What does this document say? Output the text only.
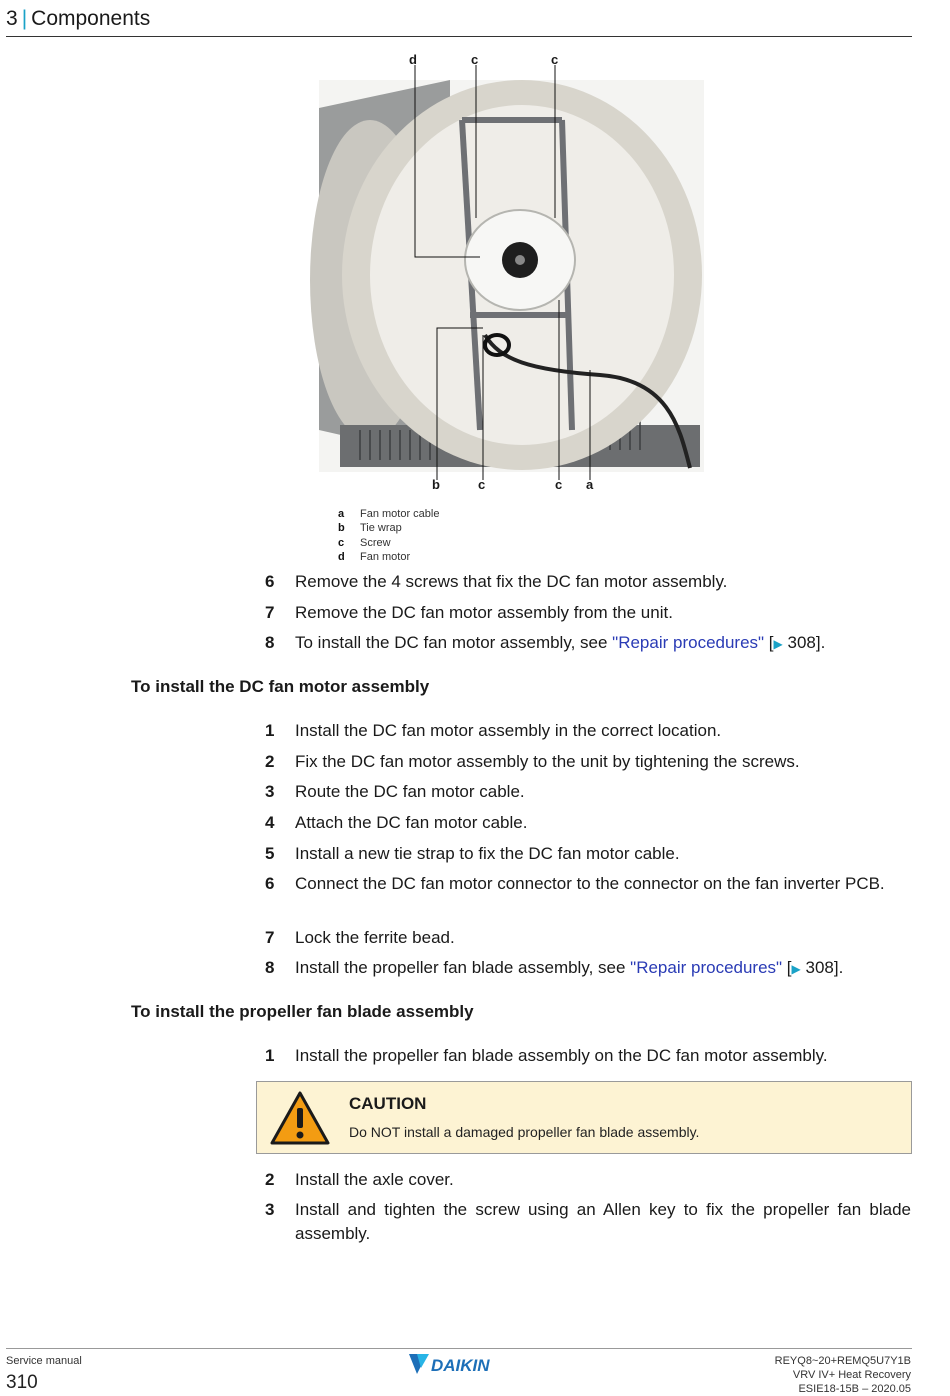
3 | Components
d	c	c
b	c	c a
a Fan motor cable
b Tie wrap
c Screw
d Fan motor
6 Remove the 4 screws that fix the DC fan motor assembly.
7 Remove the DC fan motor assembly from the unit.
8 To install the DC fan motor assembly, see "Repair procedures" [▶ 308].
To install the DC fan motor assembly
1 Install the DC fan motor assembly in the correct location.
2 Fix the DC fan motor assembly to the unit by tightening the screws.
3 Route the DC fan motor cable.
4 Attach the DC fan motor cable.
5 Install a new tie strap to fix the DC fan motor cable.
6 Connect the DC fan motor connector to the connector on the fan inverter PCB.
7 Lock the ferrite bead.
8 Install the propeller fan blade assembly, see "Repair procedures" [▶ 308].
To install the propeller fan blade assembly
1 Install the propeller fan blade assembly on the DC fan motor assembly.
CAUTION
Do NOT install a damaged propeller fan blade assembly.
2 Install the axle cover.
3 Install and tighten the screw using an Allen key to fix the propeller fan blade assembly.
Service manual
310
DAIKIN	REYQ8~20+REMQ5U7Y1B
VRV IV+ Heat Recovery
ESIE18-15B – 2020.05
